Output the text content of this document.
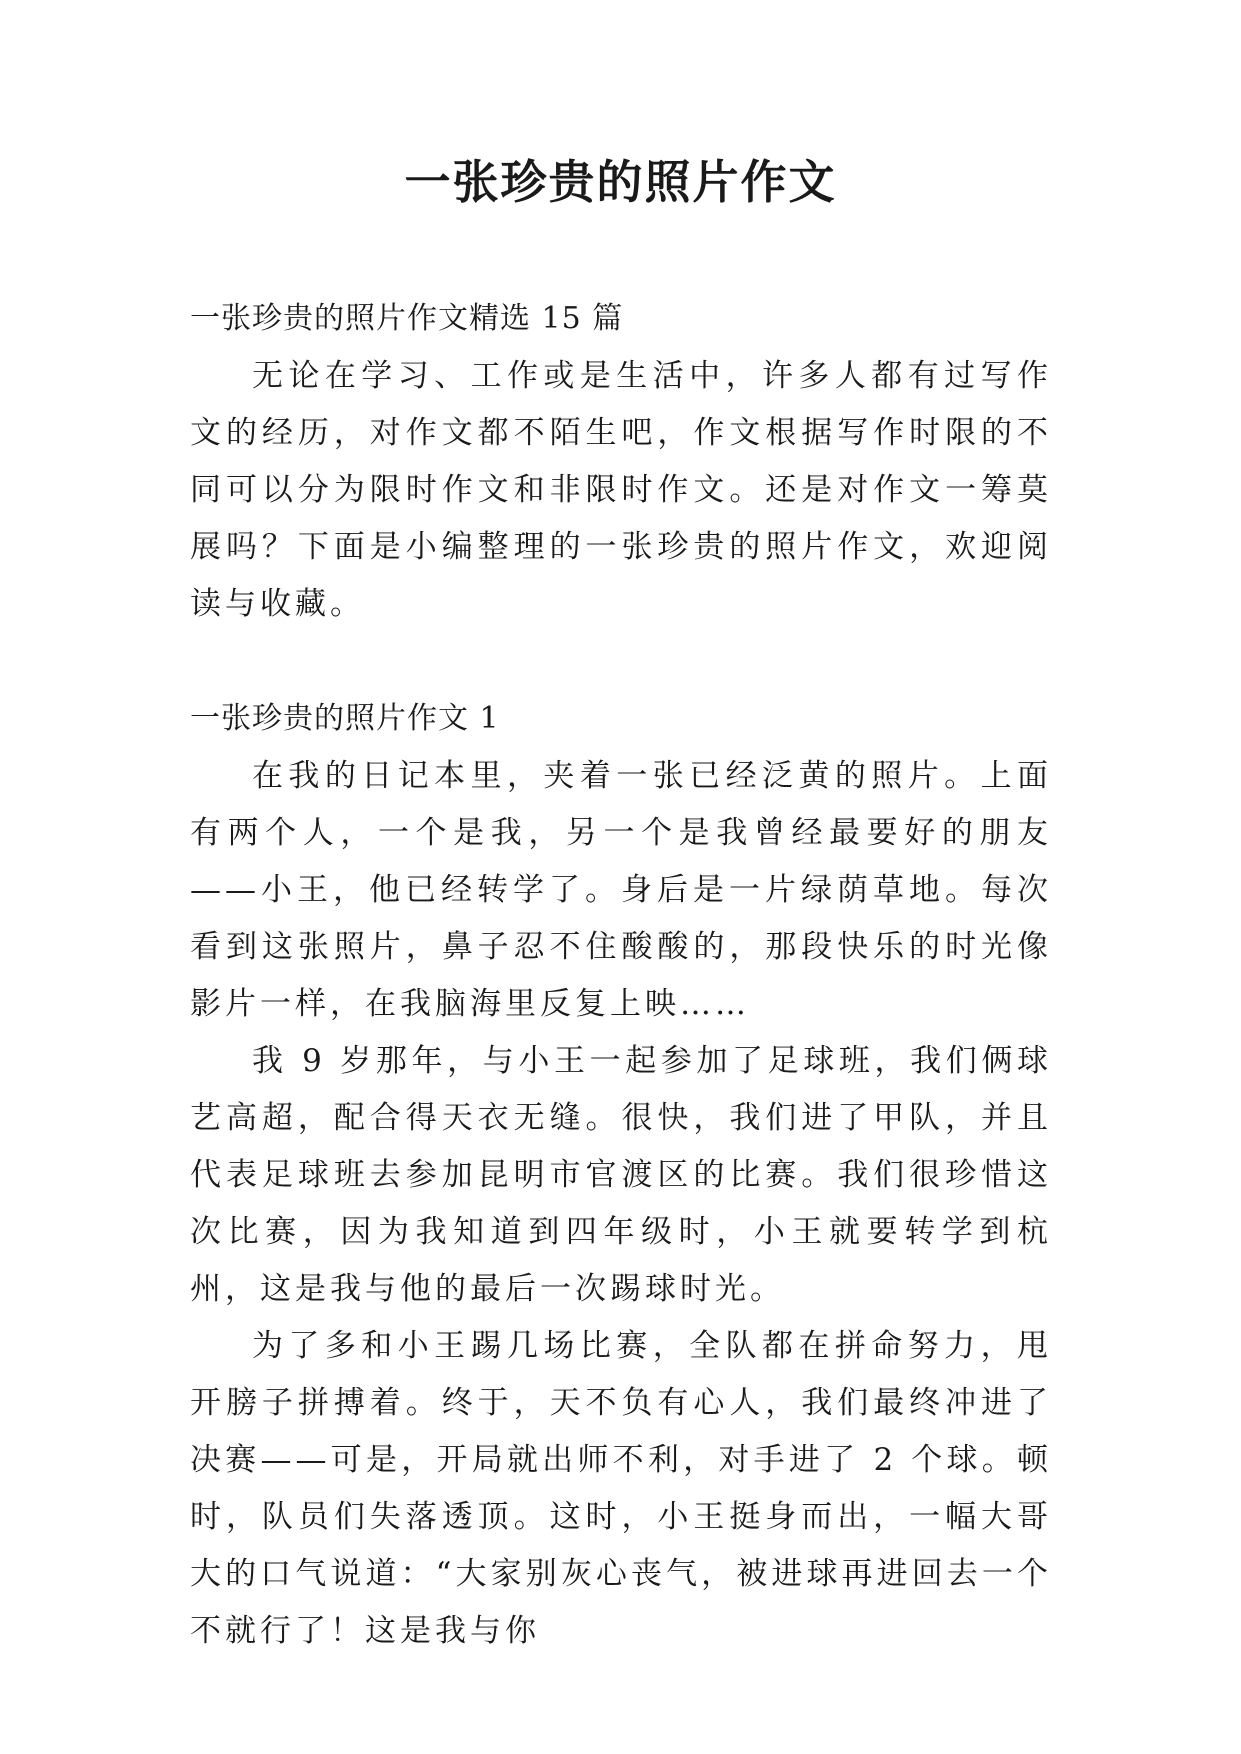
一张珍贵的照片作文

一张珍贵的照片作文精选 15 篇

无论在学习、工作或是生活中，许多人都有过写作文的经历，对作文都不陌生吧，作文根据写作时限的不同可以分为限时作文和非限时作文。还是对作文一筹莫展吗？下面是小编整理的一张珍贵的照片作文，欢迎阅读与收藏。

一张珍贵的照片作文 1

在我的日记本里，夹着一张已经泛黄的照片。上面有两个人，一个是我，另一个是我曾经最要好的朋友——小王，他已经转学了。身后是一片绿荫草地。每次看到这张照片，鼻子忍不住酸酸的，那段快乐的时光像影片一样，在我脑海里反复上映……

我 9 岁那年，与小王一起参加了足球班，我们俩球艺高超，配合得天衣无缝。很快，我们进了甲队，并且代表足球班去参加昆明市官渡区的比赛。我们很珍惜这次比赛，因为我知道到四年级时，小王就要转学到杭州，这是我与他的最后一次踢球时光。

为了多和小王踢几场比赛，全队都在拼命努力，甩开膀子拼搏着。终于，天不负有心人，我们最终冲进了决赛——可是，开局就出师不利，对手进了 2 个球。顿时，队员们失落透顶。这时，小王挺身而出，一幅大哥大的口气说道：“大家别灰心丧气，被进球再进回去一个不就行了！这是我与你
